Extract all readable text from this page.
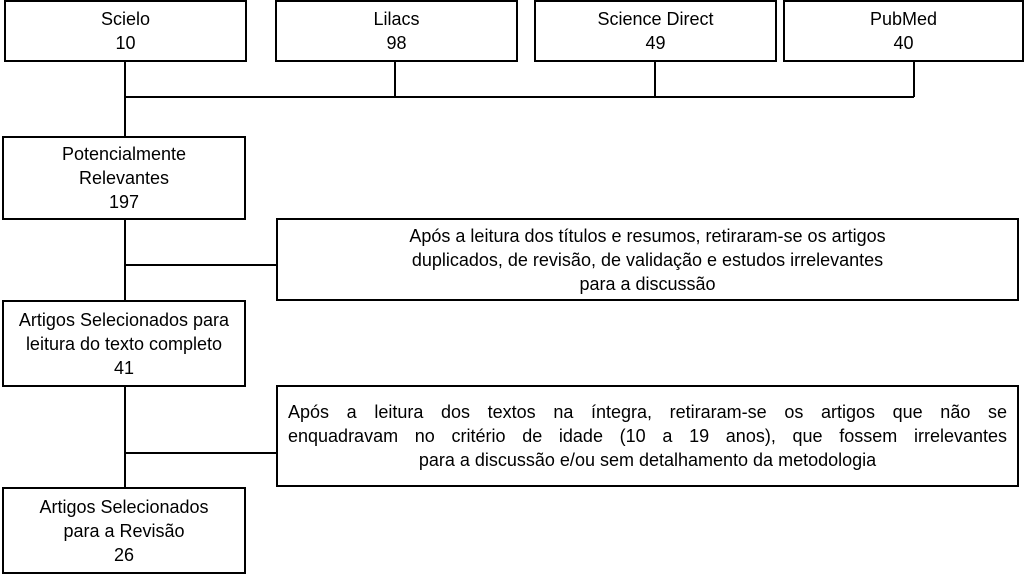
Scielo
10
Lilacs
98
Science Direct
49
PubMed
40
Potencialmente
Relevantes
197
Após a leitura dos títulos e resumos, retiraram-se os artigos
duplicados, de revisão, de validação e estudos irrelevantes
para a discussão
Artigos Selecionados para
leitura do texto completo
41
Após a leitura dos textos na íntegra, retiraram-se os artigos que não se
enquadravam no critério de idade (10 a 19 anos), que fossem irrelevantes
para a discussão e/ou sem detalhamento da metodologia
Artigos Selecionados
para a Revisão
26
